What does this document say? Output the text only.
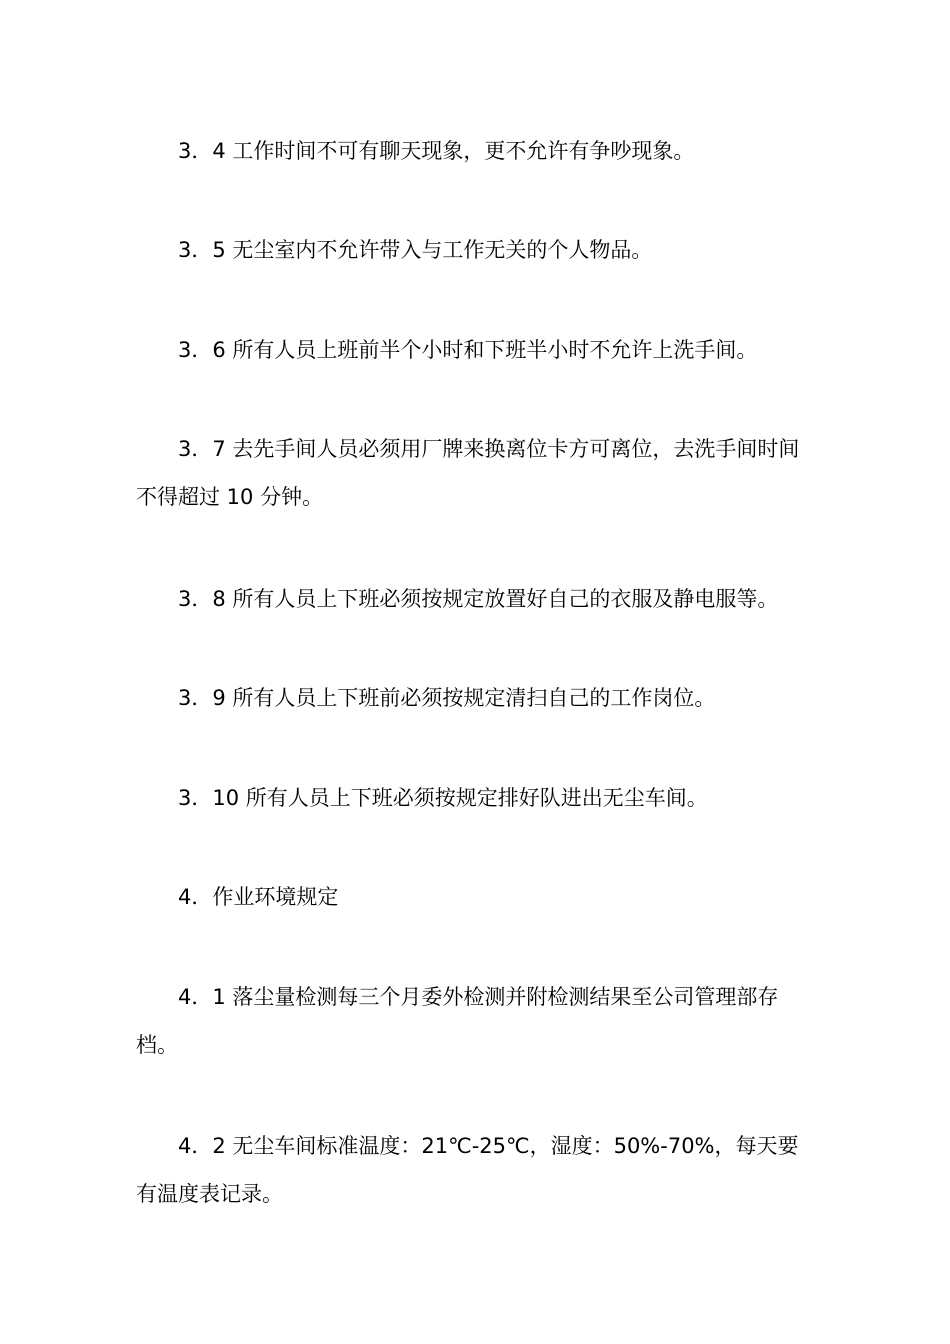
3．4 工作时间不可有聊天现象，更不允许有争吵现象。

3．5 无尘室内不允许带入与工作无关的个人物品。

3．6 所有人员上班前半个小时和下班半小时不允许上洗手间。

3．7 去先手间人员必须用厂牌来换离位卡方可离位，去洗手间时间不得超过 10 分钟。

3．8 所有人员上下班必须按规定放置好自己的衣服及静电服等。

3．9 所有人员上下班前必须按规定清扫自己的工作岗位。

3．10 所有人员上下班必须按规定排好队进出无尘车间。

4．作业环境规定

4．1 落尘量检测每三个月委外检测并附检测结果至公司管理部存档。

4．2 无尘车间标准温度：21℃-25℃，湿度：50%-70%，每天要有温度表记录。
